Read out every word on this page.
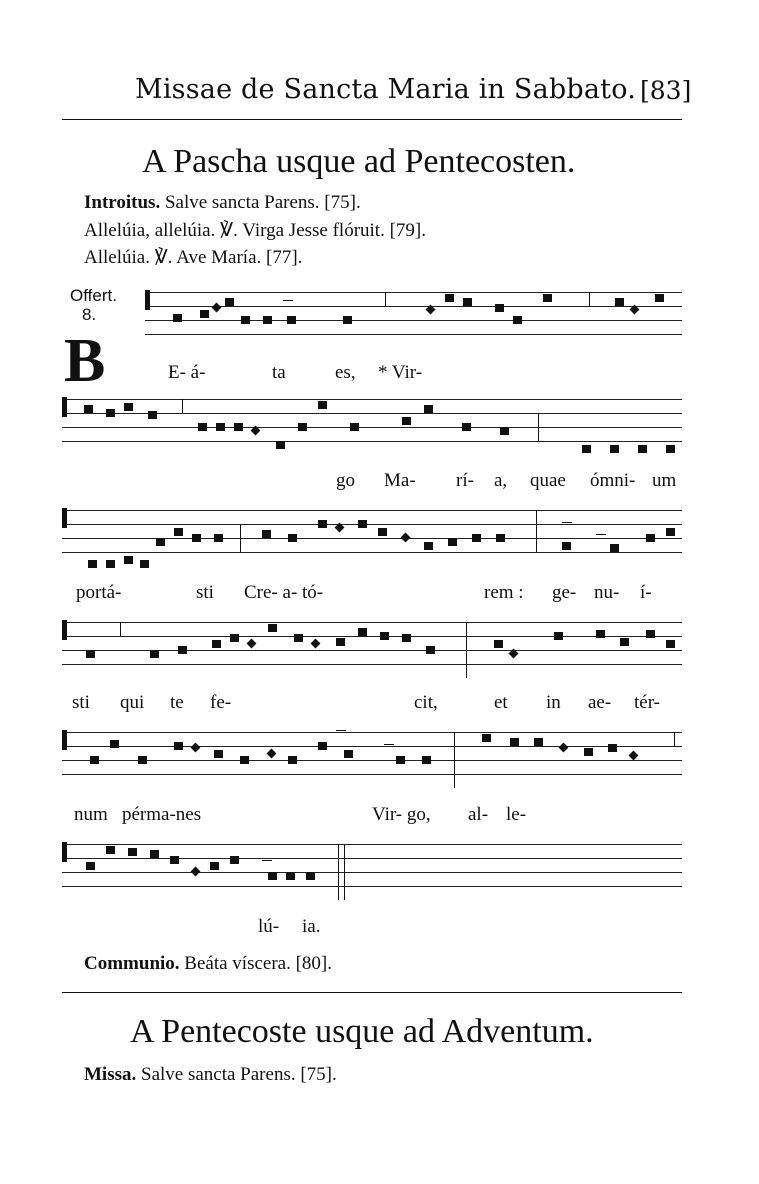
Missae de Sancta Maria in Sabbato. [83]
A Pascha usque ad Pentecosten.
Introitus. Salve sancta Parens. [75].
Allelúia, allelúia. ℣. Virga Jesse flóruit. [79].
Allelúia. ℣. Ave María. [77].
Offert.
8.
B	E- á-	ta	es, * Vir-
go Ma- rí- a, quae ómni- um
portá-	sti Cre- a- tó-	rem : ge- nu- í-
sti qui te fe-	cit,	et in ae- tér-
num pérma-nes	Vir- go, al- le-
lú- ia.
Communio. Beáta víscera. [80].
A Pentecoste usque ad Adventum.
Missa. Salve sancta Parens. [75].
